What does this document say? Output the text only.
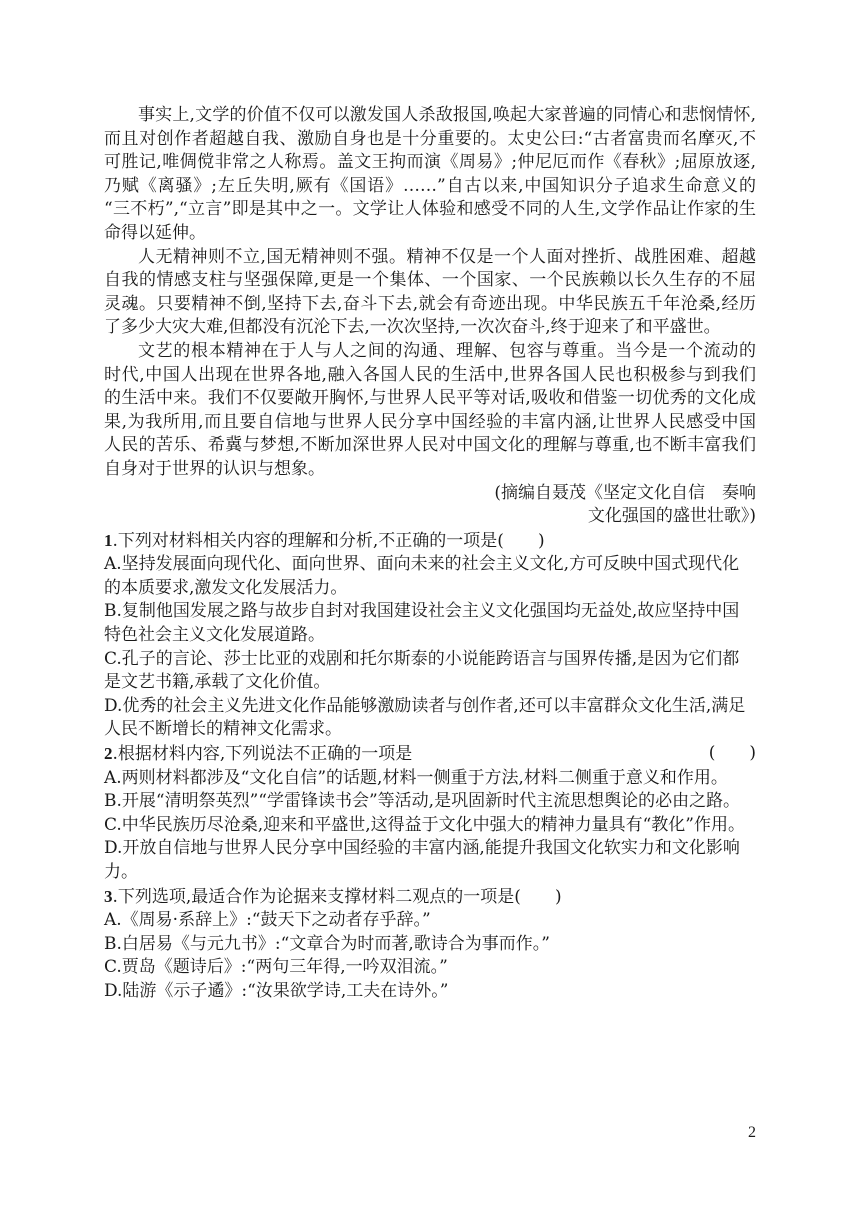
事实上,文学的价值不仅可以激发国人杀敌报国,唤起大家普遍的同情心和悲悯情怀,
而且对创作者超越自我、激励自身也是十分重要的。太史公曰:“古者富贵而名摩灭,不
可胜记,唯倜傥非常之人称焉。盖文王拘而演《周易》;仲尼厄而作《春秋》;屈原放逐,
乃赋《离骚》;左丘失明,厥有《国语》……”自古以来,中国知识分子追求生命意义的
“三不朽”,“立言”即是其中之一。文学让人体验和感受不同的人生,文学作品让作家的生
命得以延伸。
人无精神则不立,国无精神则不强。精神不仅是一个人面对挫折、战胜困难、超越
自我的情感支柱与坚强保障,更是一个集体、一个国家、一个民族赖以长久生存的不屈
灵魂。只要精神不倒,坚持下去,奋斗下去,就会有奇迹出现。中华民族五千年沧桑,经历
了多少大灾大难,但都没有沉沦下去,一次次坚持,一次次奋斗,终于迎来了和平盛世。
文艺的根本精神在于人与人之间的沟通、理解、包容与尊重。当今是一个流动的
时代,中国人出现在世界各地,融入各国人民的生活中,世界各国人民也积极参与到我们
的生活中来。我们不仅要敞开胸怀,与世界人民平等对话,吸收和借鉴一切优秀的文化成
果,为我所用,而且要自信地与世界人民分享中国经验的丰富内涵,让世界人民感受中国
人民的苦乐、希冀与梦想,不断加深世界人民对中国文化的理解与尊重,也不断丰富我们
自身对于世界的认识与想象。
(摘编自聂茂《坚定文化自信　奏响
文化强国的盛世壮歌》)
1.下列对材料相关内容的理解和分析,不正确的一项是(　　)
A.坚持发展面向现代化、面向世界、面向未来的社会主义文化,方可反映中国式现代化
的本质要求,激发文化发展活力。
B.复制他国发展之路与故步自封对我国建设社会主义文化强国均无益处,故应坚持中国
特色社会主义文化发展道路。
C.孔子的言论、莎士比亚的戏剧和托尔斯泰的小说能跨语言与国界传播,是因为它们都
是文艺书籍,承载了文化价值。
D.优秀的社会主义先进文化作品能够激励读者与创作者,还可以丰富群众文化生活,满足
人民不断增长的精神文化需求。
2.根据材料内容,下列说法不正确的一项是	(　　)
A.两则材料都涉及“文化自信”的话题,材料一侧重于方法,材料二侧重于意义和作用。
B.开展“清明祭英烈”“学雷锋读书会”等活动,是巩固新时代主流思想舆论的必由之路。
C.中华民族历尽沧桑,迎来和平盛世,这得益于文化中强大的精神力量具有“教化”作用。
D.开放自信地与世界人民分享中国经验的丰富内涵,能提升我国文化软实力和文化影响
力。
3.下列选项,最适合作为论据来支撑材料二观点的一项是(　　)
A.《周易·系辞上》:“鼓天下之动者存乎辞。”
B.白居易《与元九书》:“文章合为时而著,歌诗合为事而作。”
C.贾岛《题诗后》:“两句三年得,一吟双泪流。”
D.陆游《示子遹》:“汝果欲学诗,工夫在诗外。”
2
